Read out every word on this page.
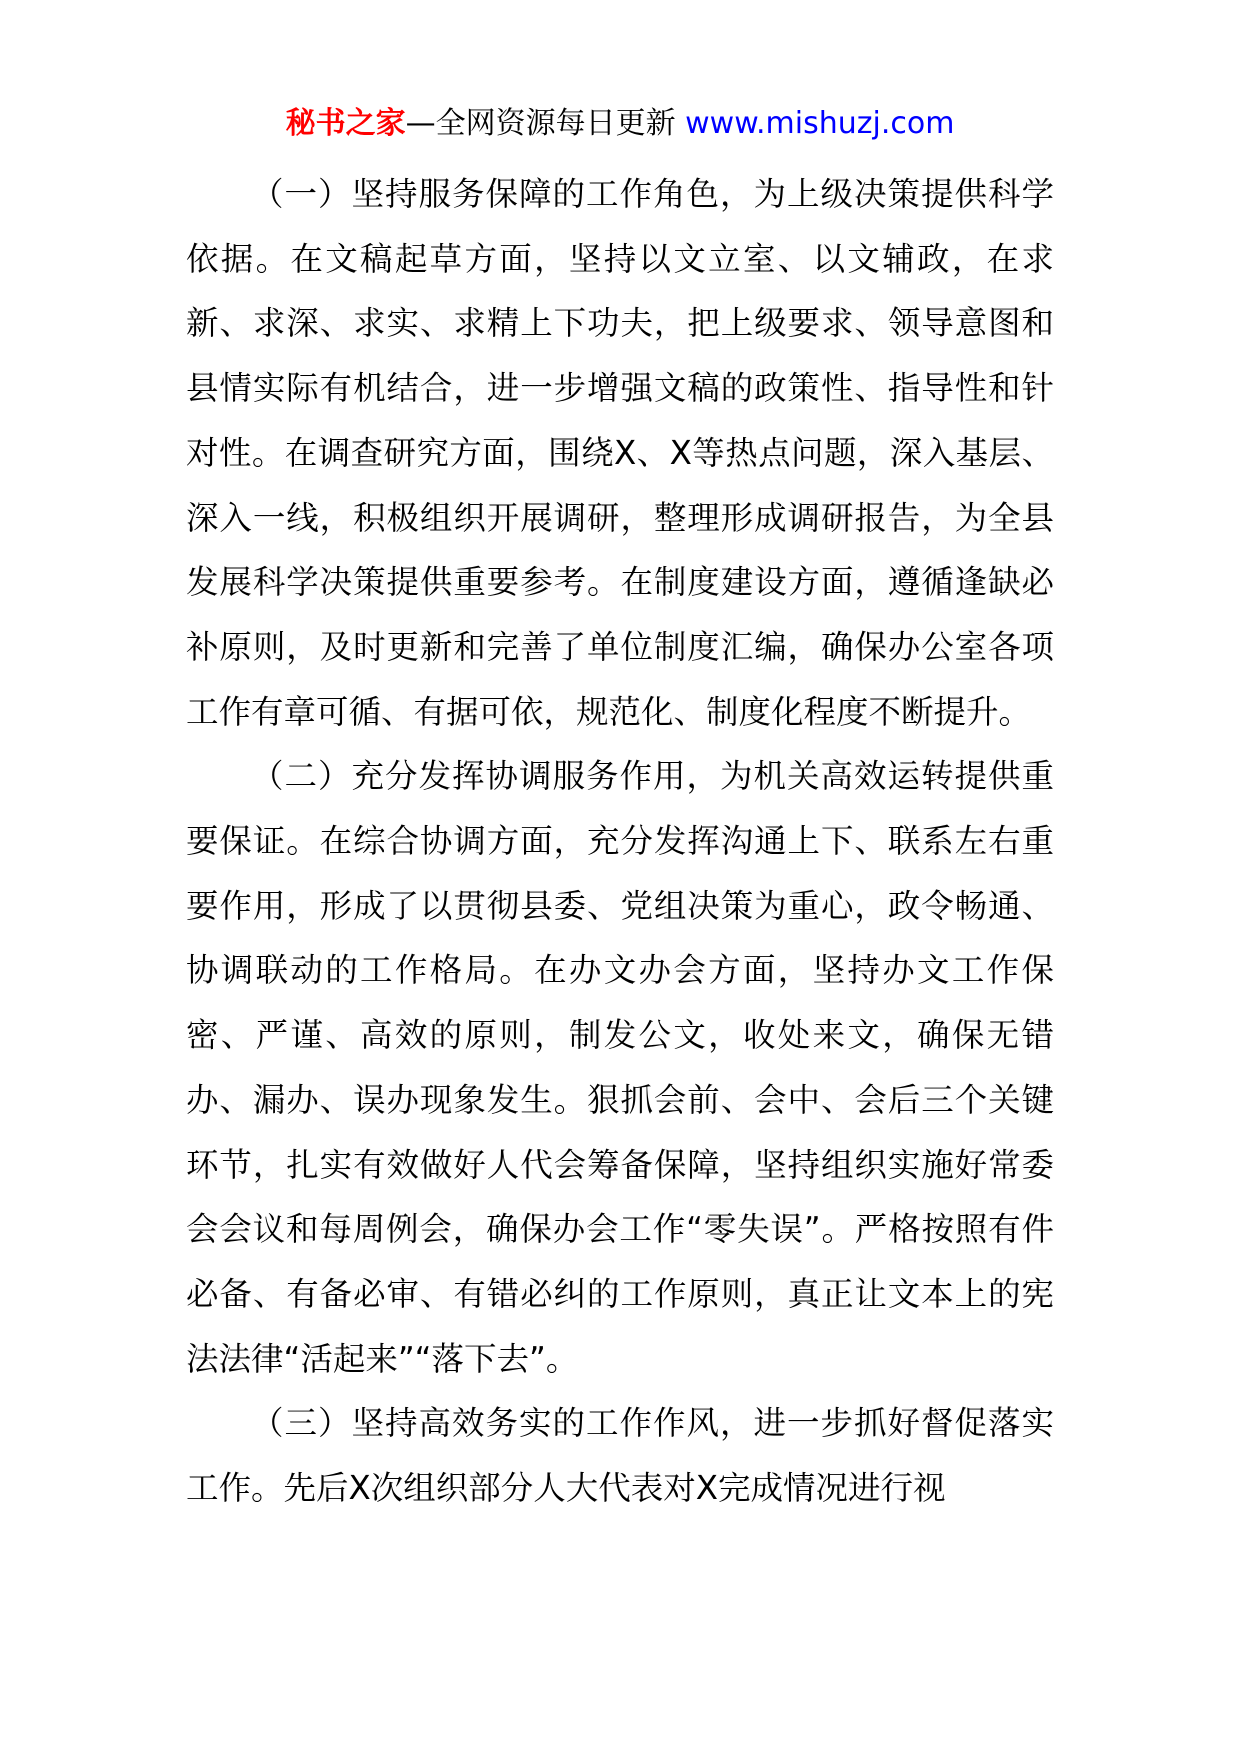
秘书之家—全网资源每日更新 www.mishuzj.com

（一）坚持服务保障的工作角色，为上级决策提供科学依据。在文稿起草方面，坚持以文立室、以文辅政，在求新、求深、求实、求精上下功夫，把上级要求、领导意图和县情实际有机结合，进一步增强文稿的政策性、指导性和针对性。在调查研究方面，围绕X、X等热点问题，深入基层、深入一线，积极组织开展调研，整理形成调研报告，为全县发展科学决策提供重要参考。在制度建设方面，遵循逢缺必补原则，及时更新和完善了单位制度汇编，确保办公室各项工作有章可循、有据可依，规范化、制度化程度不断提升。

（二）充分发挥协调服务作用，为机关高效运转提供重要保证。在综合协调方面，充分发挥沟通上下、联系左右重要作用，形成了以贯彻县委、党组决策为重心，政令畅通、协调联动的工作格局。在办文办会方面，坚持办文工作保密、严谨、高效的原则，制发公文，收处来文，确保无错办、漏办、误办现象发生。狠抓会前、会中、会后三个关键环节，扎实有效做好人代会筹备保障，坚持组织实施好常委会会议和每周例会，确保办会工作“零失误”。严格按照有件必备、有备必审、有错必纠的工作原则，真正让文本上的宪法法律“活起来”“落下去”。

（三）坚持高效务实的工作作风，进一步抓好督促落实工作。先后X次组织部分人大代表对X完成情况进行视
